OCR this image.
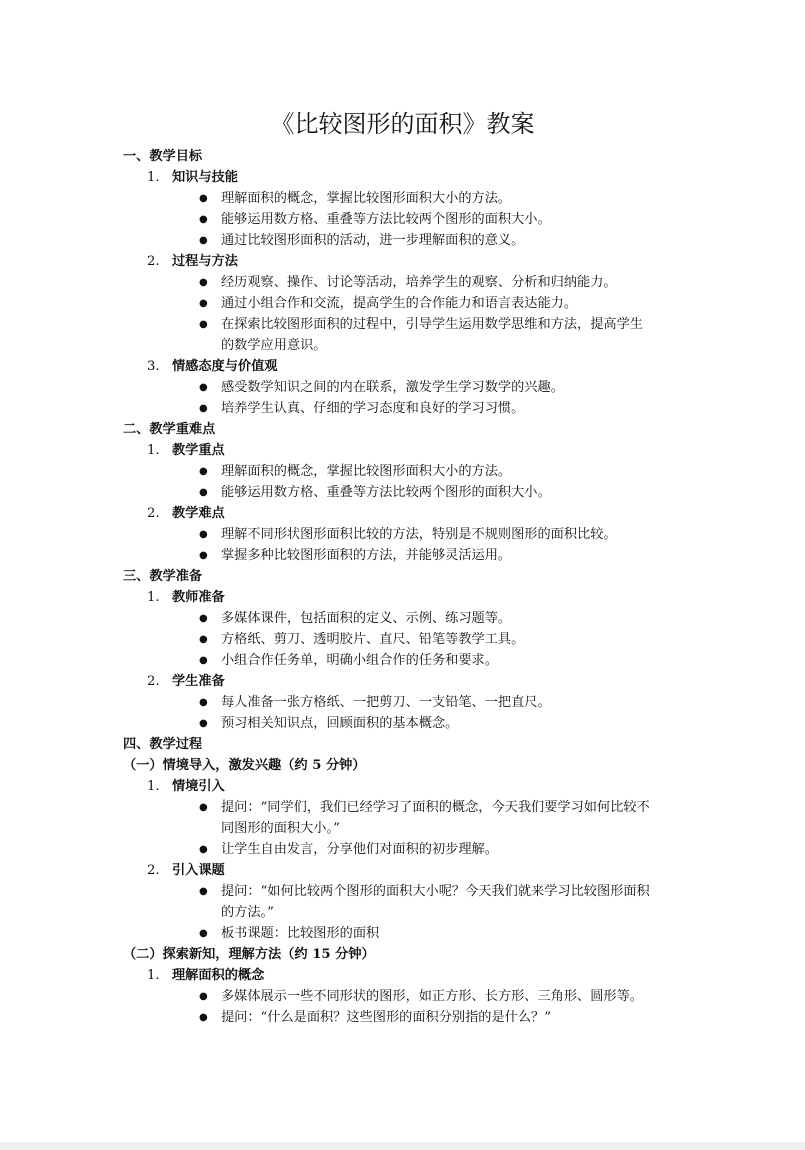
《比较图形的面积》教案
一、教学目标
1. 知识与技能
● 理解面积的概念，掌握比较图形面积大小的方法。
● 能够运用数方格、重叠等方法比较两个图形的面积大小。
● 通过比较图形面积的活动，进一步理解面积的意义。
2. 过程与方法
● 经历观察、操作、讨论等活动，培养学生的观察、分析和归纳能力。
● 通过小组合作和交流，提高学生的合作能力和语言表达能力。
● 在探索比较图形面积的过程中，引导学生运用数学思维和方法，提高学生
的数学应用意识。
3. 情感态度与价值观
● 感受数学知识之间的内在联系，激发学生学习数学的兴趣。
● 培养学生认真、仔细的学习态度和良好的学习习惯。
二、教学重难点
1. 教学重点
● 理解面积的概念，掌握比较图形面积大小的方法。
● 能够运用数方格、重叠等方法比较两个图形的面积大小。
2. 教学难点
● 理解不同形状图形面积比较的方法，特别是不规则图形的面积比较。
● 掌握多种比较图形面积的方法，并能够灵活运用。
三、教学准备
1. 教师准备
● 多媒体课件，包括面积的定义、示例、练习题等。
● 方格纸、剪刀、透明胶片、直尺、铅笔等教学工具。
● 小组合作任务单，明确小组合作的任务和要求。
2. 学生准备
● 每人准备一张方格纸、一把剪刀、一支铅笔、一把直尺。
● 预习相关知识点，回顾面积的基本概念。
四、教学过程
（一）情境导入，激发兴趣（约 5 分钟）
1. 情境引入
● 提问：“同学们，我们已经学习了面积的概念，今天我们要学习如何比较不
同图形的面积大小。”
● 让学生自由发言，分享他们对面积的初步理解。
2. 引入课题
● 提问：“如何比较两个图形的面积大小呢？今天我们就来学习比较图形面积
的方法。”
● 板书课题：比较图形的面积
（二）探索新知，理解方法（约 15 分钟）
1. 理解面积的概念
● 多媒体展示一些不同形状的图形，如正方形、长方形、三角形、圆形等。
● 提问：“什么是面积？这些图形的面积分别指的是什么？”
